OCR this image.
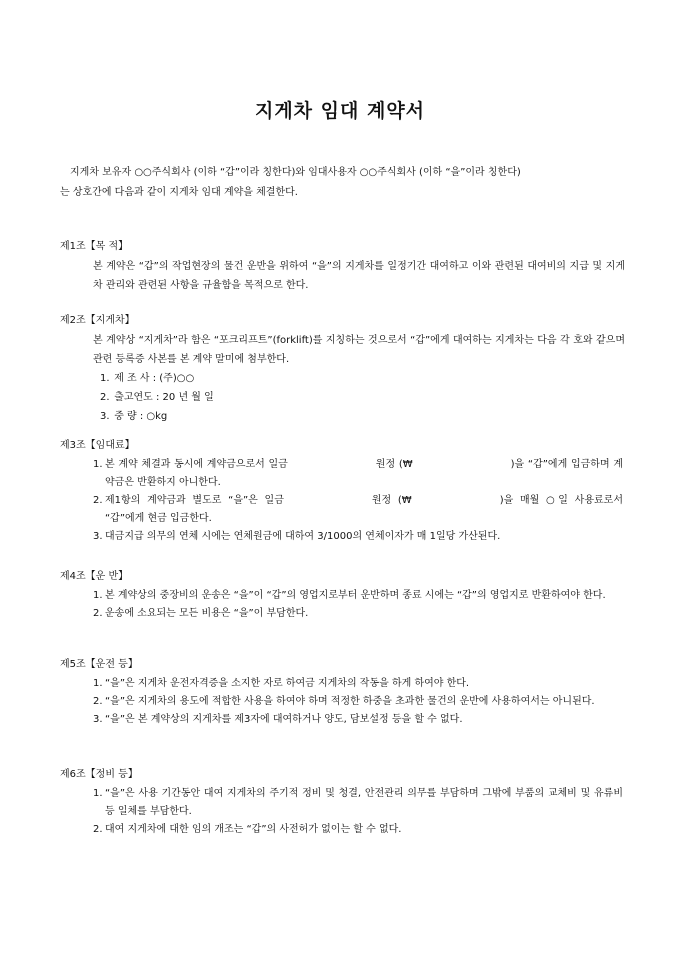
지게차 임대 계약서
지게차 보유자 ○○주식회사 (이하 “갑”이라 칭한다)와 임대사용자 ○○주식회사 (이하 “을”이라 칭한다)
는 상호간에 다음과 같이 지게차 임대 계약을 체결한다.
제1조【목 적】
본 계약은 “갑”의 작업현장의 물건 운반을 위하여 “을”의 지게차를 일정기간 대여하고 이와 관련된 대여비의 지급 및 지게차 관리와 관련된 사항을 규율함을 목적으로 한다.
제2조【지게차】
본 계약상 “지게차”라 함은 “포크리프트”(forklift)를 지칭하는 것으로서 “갑”에게 대여하는 지게차는 다음 각 호와 같으며 관련 등록증 사본를 본 계약 말미에 첨부한다.
1. 제 조 사 : (주)○○
2. 출고연도 : 20 년 월 일
3. 중 량 : ○kg
제3조【임대료】
1. 본 계약 체결과 동시에 계약금으로서 일금	원정 (₩	)을 “갑”에게 입금하며 계약금은 반환하지 아니한다.
2. 제1항의 계약금과 별도로 “을”은 일금	원정 (₩	)을 매월 ○일 사용료로서 “갑”에게 현금 입금한다.
3. 대금지급 의무의 연체 시에는 연체원금에 대하여 3/1000의 연체이자가 매 1일당 가산된다.
제4조【운 반】
1. 본 계약상의 중장비의 운송은 “을”이 “갑”의 영업지로부터 운반하며 종료 시에는 “갑”의 영업지로 반환하여야 한다.
2. 운송에 소요되는 모든 비용은 “을”이 부담한다.
제5조【운전 등】
1. “을”은 지게차 운전자격증을 소지한 자로 하여금 지게차의 작동을 하게 하여야 한다.
2. “을”은 지게차의 용도에 적합한 사용을 하여야 하며 적정한 하중을 초과한 물건의 운반에 사용하여서는 아니된다.
3. “을”은 본 계약상의 지게차를 제3자에 대여하거나 양도, 담보설정 등을 할 수 없다.
제6조【정비 등】
1. “을”은 사용 기간동안 대여 지게차의 주기적 정비 및 청결, 안전관리 의무를 부담하며 그밖에 부품의 교체비 및 유류비 등 일체를 부담한다.
2. 대여 지게차에 대한 임의 개조는 “갑”의 사전허가 없이는 할 수 없다.
